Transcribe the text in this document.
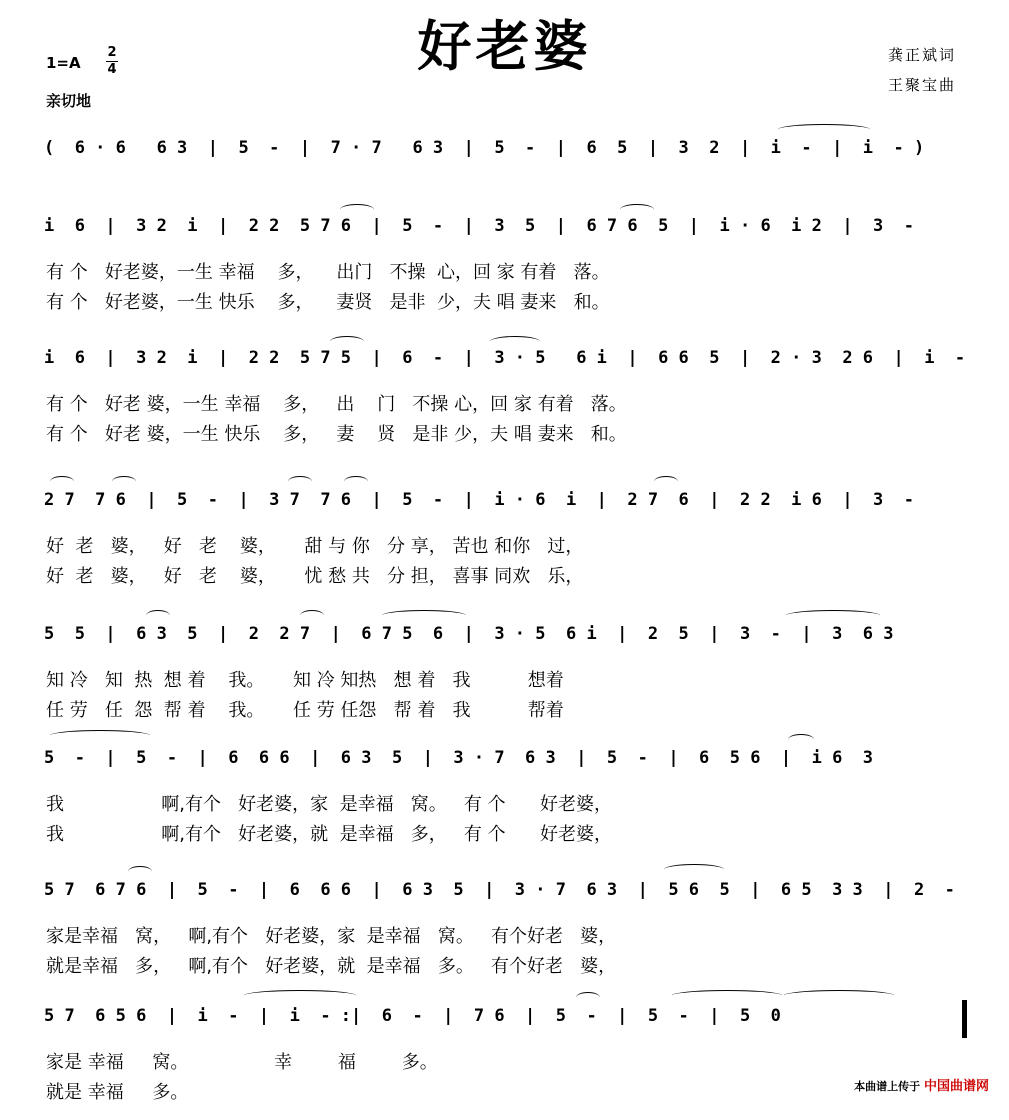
好老婆
1=A
2
4
亲切地
龚正斌词
王聚宝曲
(  6 · 6   6 3  |  5  -  |  7 · 7   6 3  |  5  -  |  6  5  |  3  2  |  i  -  |  i  - )
i  6  |  3 2  i  |  2 2  5 7 6  |  5  -  |  3  5  |  6 7 6  5  |  i · 6  i 2  |  3  -
有 个   好老婆，一生 幸福    多，    出门   不操  心，回 家 有着   落。
有 个   好老婆，一生 快乐    多，    妻贤   是非  少，夫 唱 妻来   和。
i  6  |  3 2  i  |  2 2  5 7 5  |  6  -  |  3 · 5   6 i  |  6 6  5  |  2 · 3  2 6  |  i  -
有 个   好老 婆，一生 幸福    多，   出    门   不操 心，回 家 有着   落。
有 个   好老 婆，一生 快乐    多，   妻    贤   是非 少，夫 唱 妻来   和。
2 7  7 6  |  5  -  |  3 7  7 6  |  5  -  |  i · 6  i  |  2 7  6  |  2 2  i 6  |  3  -
好  老   婆，   好   老    婆，     甜 与 你   分 享， 苦也 和你   过，
好  老   婆，   好   老    婆，     忧 愁 共   分 担， 喜事 同欢   乐，
5  5  |  6 3  5  |  2  2 7  |  6 7 5  6  |  3 · 5  6 i  |  2  5  |  3  -  |  3  6 3
知 冷   知  热  想 着    我。     知 冷 知热   想 着   我          想着
任 劳   任  怨  帮 着    我。     任 劳 任怨   帮 着   我          帮着
5  -  |  5  -  |  6  6 6  |  6 3  5  |  3 · 7  6 3  |  5  -  |  6  5 6  |  i 6  3
我                 啊,有个   好老婆，家  是幸福   窝。   有 个      好老婆，
我                 啊,有个   好老婆，就  是幸福   多，   有 个      好老婆，
5 7  6 7 6  |  5  -  |  6  6 6  |  6 3  5  |  3 · 7  6 3  |  5 6  5  |  6 5  3 3  |  2  -
家是幸福   窝，   啊,有个   好老婆，家  是幸福   窝。   有个好老   婆，
就是幸福   多，   啊,有个   好老婆，就  是幸福   多。   有个好老   婆，
5 7  6 5 6  |  i  -  |  i  - :|  6  -  |  7 6  |  5  -  |  5  -  |  5  0
家是 幸福     窝。               幸        福        多。
就是 幸福     多。	本曲谱上传于 中国曲谱网
